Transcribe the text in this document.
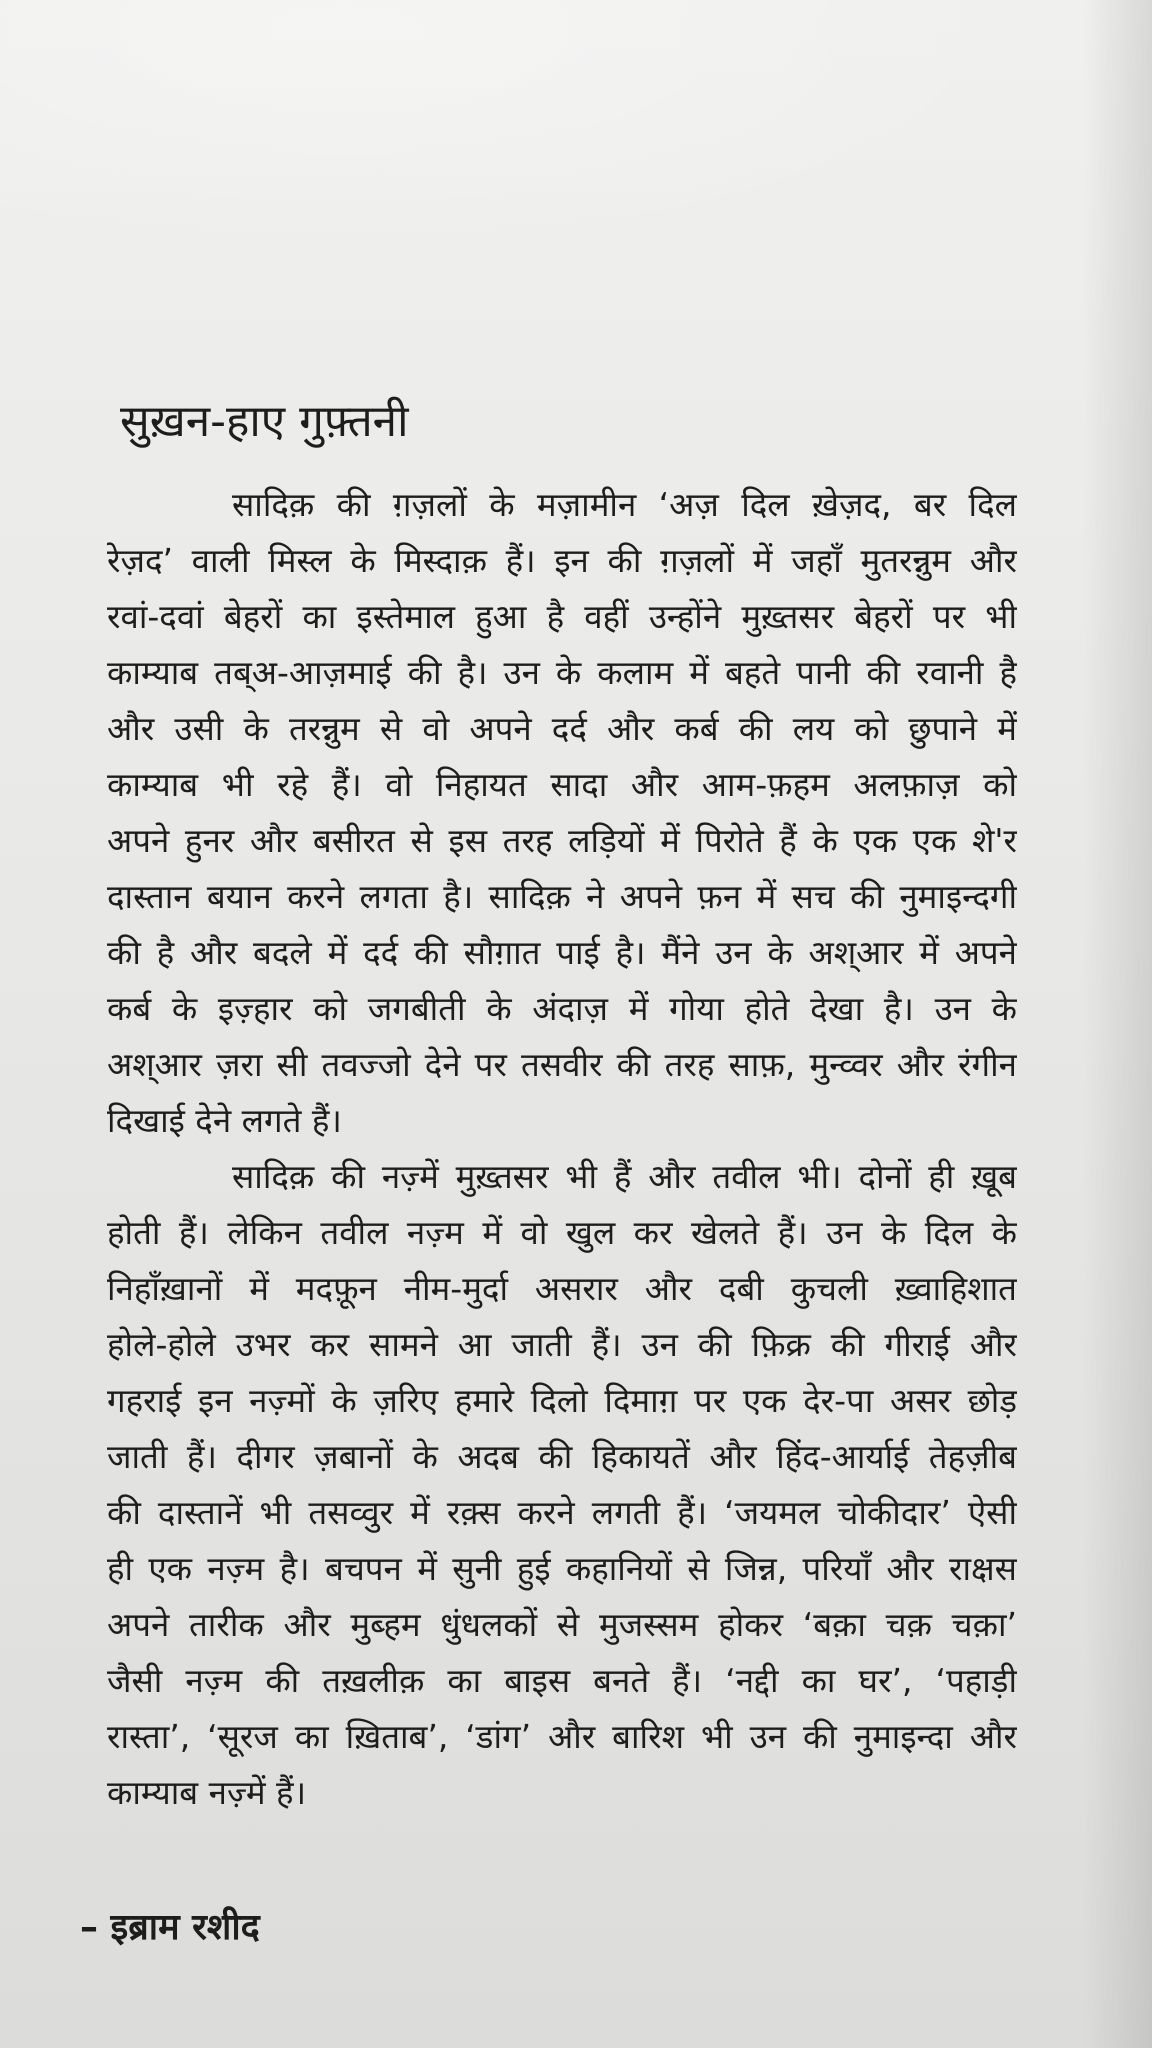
सुख़न-हाए गुफ़्तनी
सादिक़ की ग़ज़लों के मज़ामीन ‘अज़ दिल ख़ेज़द, बर दिल
रेज़द’ वाली मिस्ल के मिस्दाक़ हैं। इन की ग़ज़लों में जहाँ मुतरन्नुम और
रवां-दवां बेहरों का इस्तेमाल हुआ है वहीं उन्होंने मुख़्तसर बेहरों पर भी
काम्याब तब्अ-आज़माई की है। उन के कलाम में बहते पानी की रवानी है
और उसी के तरन्नुम से वो अपने दर्द और कर्ब की लय को छुपाने में
काम्याब भी रहे हैं। वो निहायत सादा और आम-फ़हम अलफ़ाज़ को
अपने हुनर और बसीरत से इस तरह लड़ियों में पिरोते हैं के एक एक शे'र
दास्तान बयान करने लगता है। सादिक़ ने अपने फ़न में सच की नुमाइन्दगी
की है और बदले में दर्द की सौग़ात पाई है। मैंने उन के अश्आर में अपने
कर्ब के इज़्हार को जगबीती के अंदाज़ में गोया होते देखा है। उन के
अश्आर ज़रा सी तवज्जो देने पर तसवीर की तरह साफ़, मुन्व्वर और रंगीन
दिखाई देने लगते हैं।
सादिक़ की नज़्में मुख़्तसर भी हैं और तवील भी। दोनों ही ख़ूब
होती हैं। लेकिन तवील नज़्म में वो खुल कर खेलते हैं। उन के दिल के
निहाँख़ानों में मदफ़ून नीम-मुर्दा असरार और दबी कुचली ख़्वाहिशात
होले-होले उभर कर सामने आ जाती हैं। उन की फ़िक्र की गीराई और
गहराई इन नज़्मों के ज़रिए हमारे दिलो दिमाग़ पर एक देर-पा असर छोड़
जाती हैं। दीगर ज़बानों के अदब की हिकायतें और हिंद-आर्याई तेहज़ीब
की दास्तानें भी तसव्वुर में रक़्स करने लगती हैं। ‘जयमल चोकीदार’ ऐसी
ही एक नज़्म है। बचपन में सुनी हुई कहानियों से जिन्न, परियाँ और राक्षस
अपने तारीक और मुब्हम धुंधलकों से मुजस्सम होकर ‘बक़ा चक़ चक़ा’
जैसी नज़्म की तख़लीक़ का बाइस बनते हैं। ‘नद्दी का घर’, ‘पहाड़ी
रास्ता’, ‘सूरज का ख़िताब’, ‘डांग’ और बारिश भी उन की नुमाइन्दा और
काम्याब नज़्में हैं।

– इब्राम रशीद
